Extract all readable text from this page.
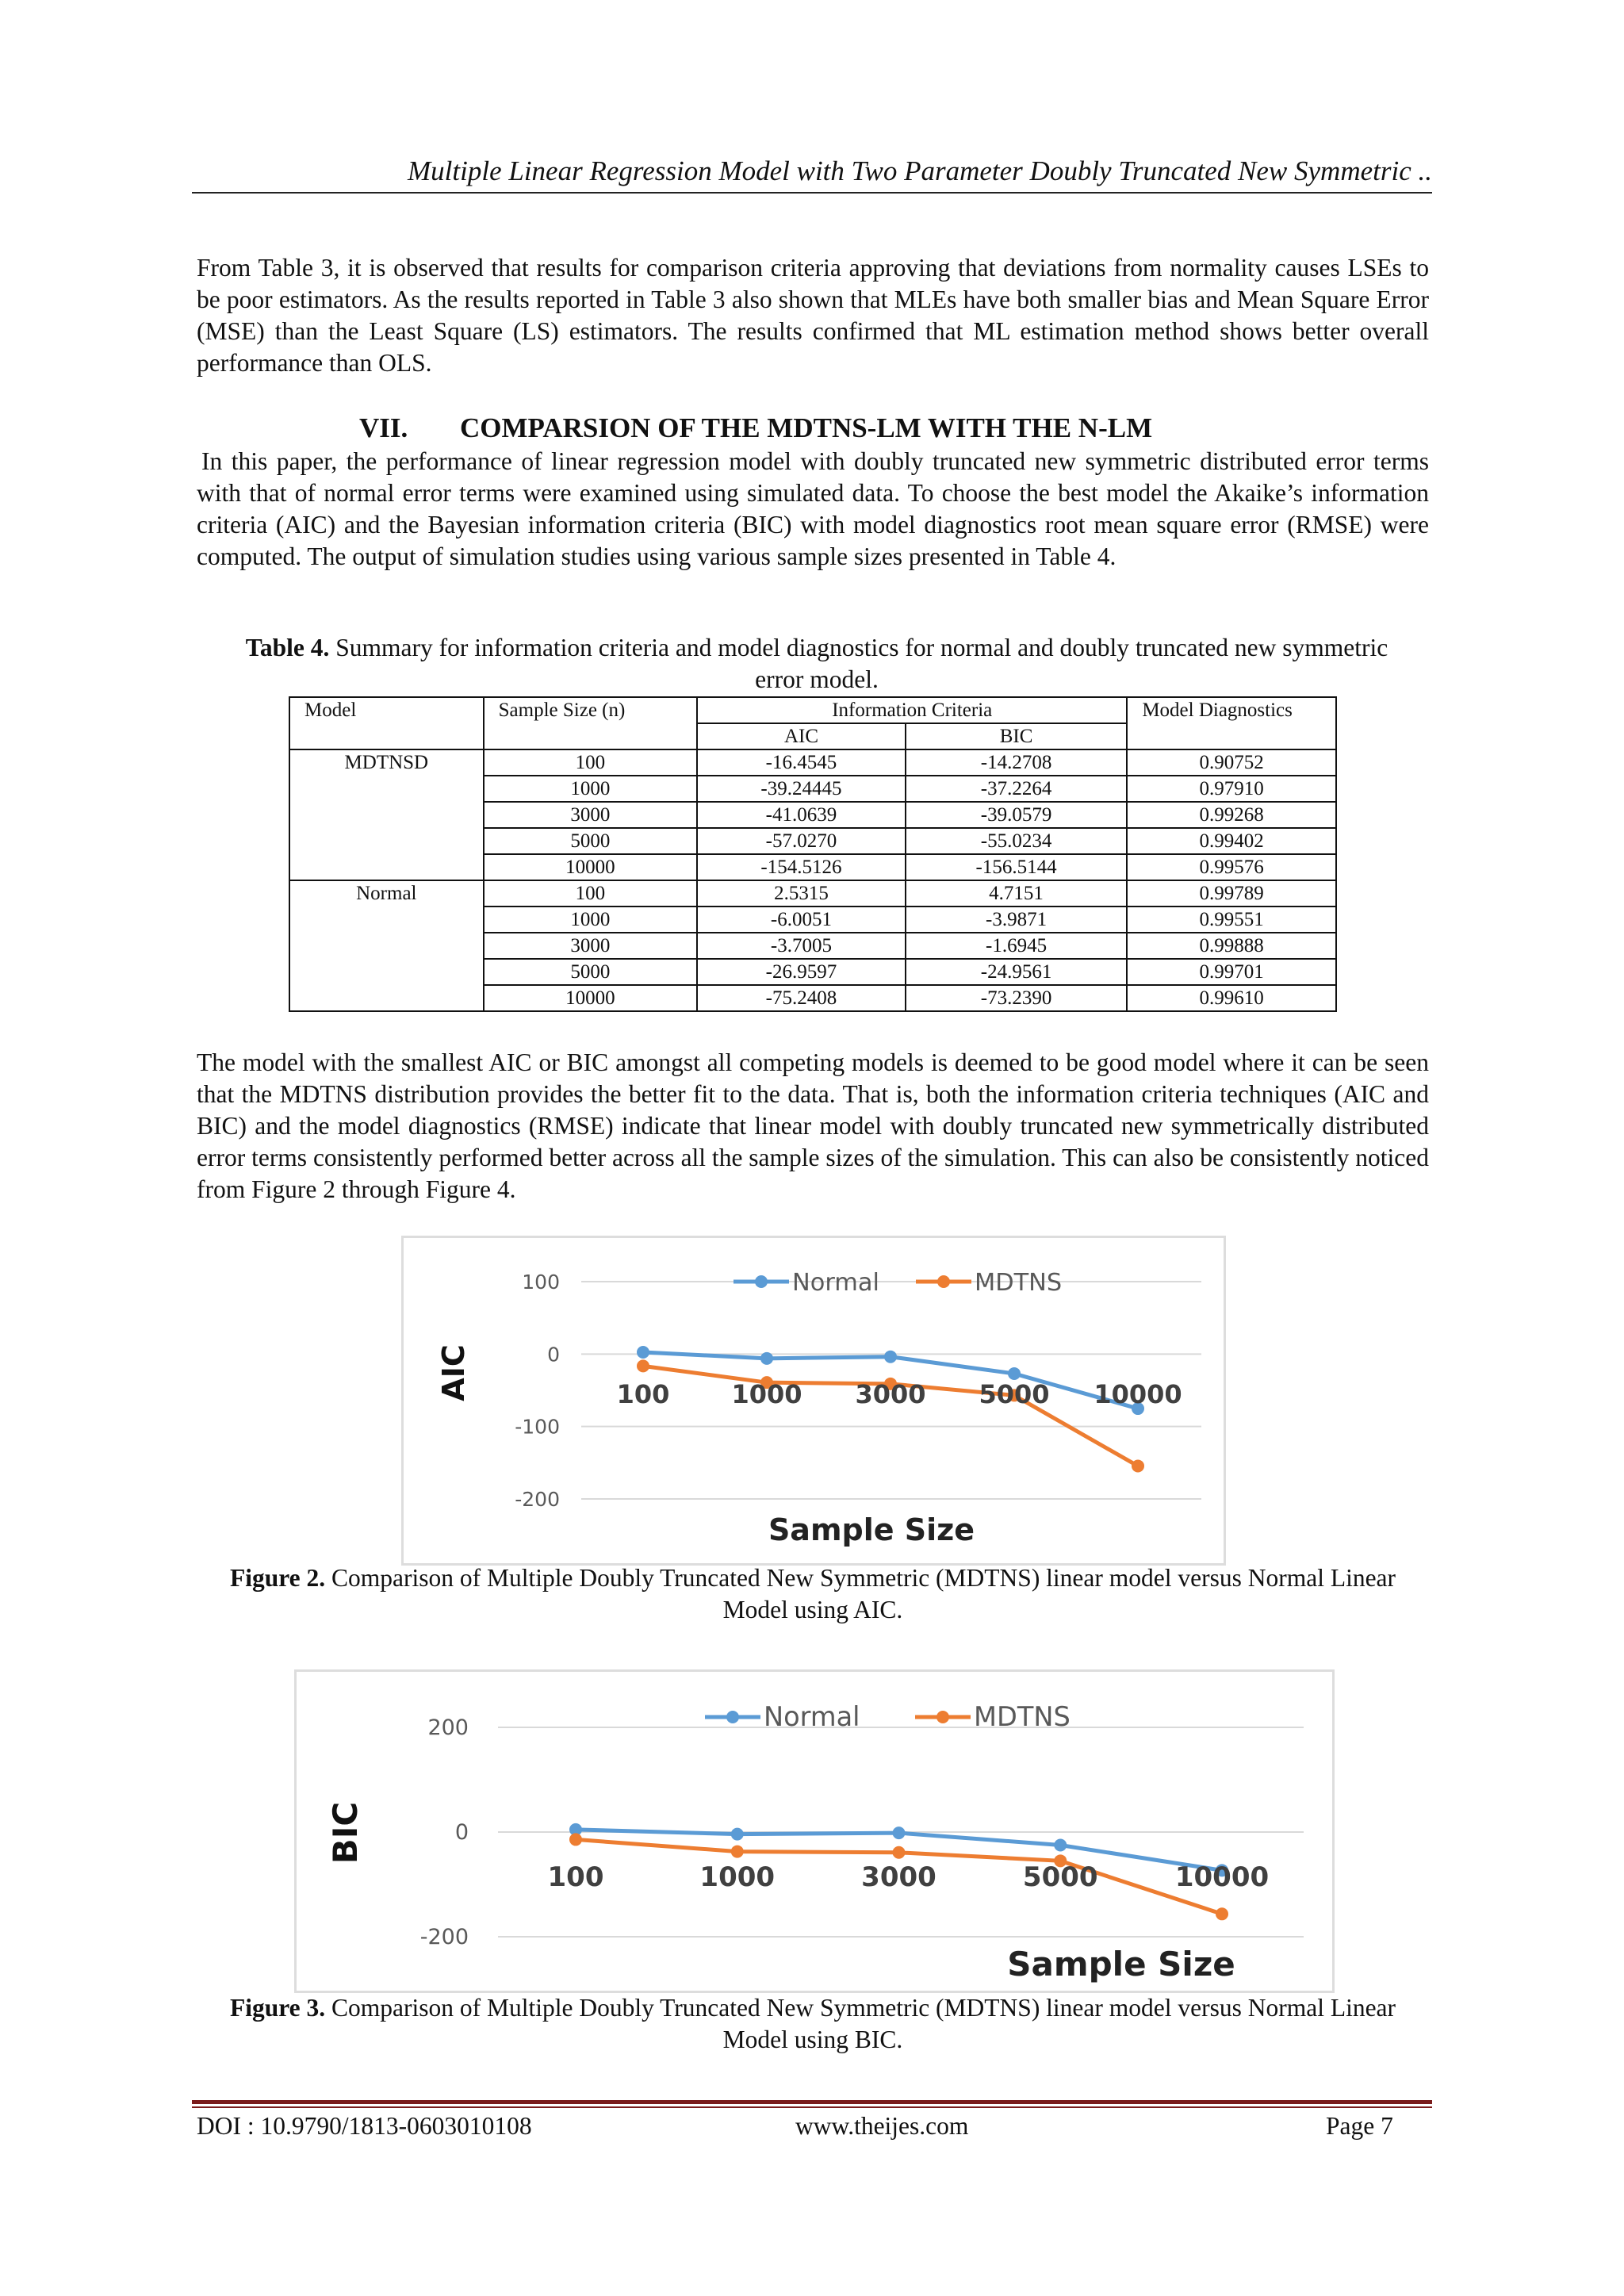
Multiple Linear Regression Model with Two Parameter Doubly Truncated New Symmetric ..
From Table 3, it is observed that results for comparison criteria approving that deviations from normality causes LSEs to be poor estimators. As the results reported in Table 3 also shown that MLEs have both smaller bias and Mean Square Error (MSE) than the Least Square (LS) estimators. The results confirmed that ML estimation method shows better overall performance than OLS.
VII. COMPARSION OF THE MDTNS-LM WITH THE N-LM
In this paper, the performance of linear regression model with doubly truncated new symmetric distributed error terms with that of normal error terms were examined using simulated data. To choose the best model the Akaike’s information criteria (AIC) and the Bayesian information criteria (BIC) with model diagnostics root mean square error (RMSE) were computed. The output of simulation studies using various sample sizes presented in Table 4.
Table 4. Summary for information criteria and model diagnostics for normal and doubly truncated new symmetric error model.
Model	Sample Size (n)	Information Criteria		Model Diagnostics
		AIC	BIC	
MDTNSD	100	-16.4545	-14.2708	0.90752
	1000	-39.24445	-37.2264	0.97910
	3000	-41.0639	-39.0579	0.99268
	5000	-57.0270	-55.0234	0.99402
	10000	-154.5126	-156.5144	0.99576
Normal	100	2.5315	4.7151	0.99789
	1000	-6.0051	-3.9871	0.99551
	3000	-3.7005	-1.6945	0.99888
	5000	-26.9597	-24.9561	0.99701
	10000	-75.2408	-73.2390	0.99610
The model with the smallest AIC or BIC amongst all competing models is deemed to be good model where it can be seen that the MDTNS distribution provides the better fit to the data. That is, both the information criteria techniques (AIC and BIC) and the model diagnostics (RMSE) indicate that linear model with doubly truncated new symmetrically distributed error terms consistently performed better across all the sample sizes of the simulation. This can also be consistently noticed from Figure 2 through Figure 4.
100
0
-100
-200
100 1000 3000 5000 10000
Normal	MDTNS
AIC
Sample Size
Figure 2. Comparison of Multiple Doubly Truncated New Symmetric (MDTNS) linear model versus Normal Linear Model using AIC.
200
0
-200
100	1000	3000	5000	10000
Normal	MDTNS
BIC
Sample Size
Figure 3. Comparison of Multiple Doubly Truncated New Symmetric (MDTNS) linear model versus Normal Linear Model using BIC.
DOI : 10.9790/1813-0603010108	www.theijes.com	Page 7
